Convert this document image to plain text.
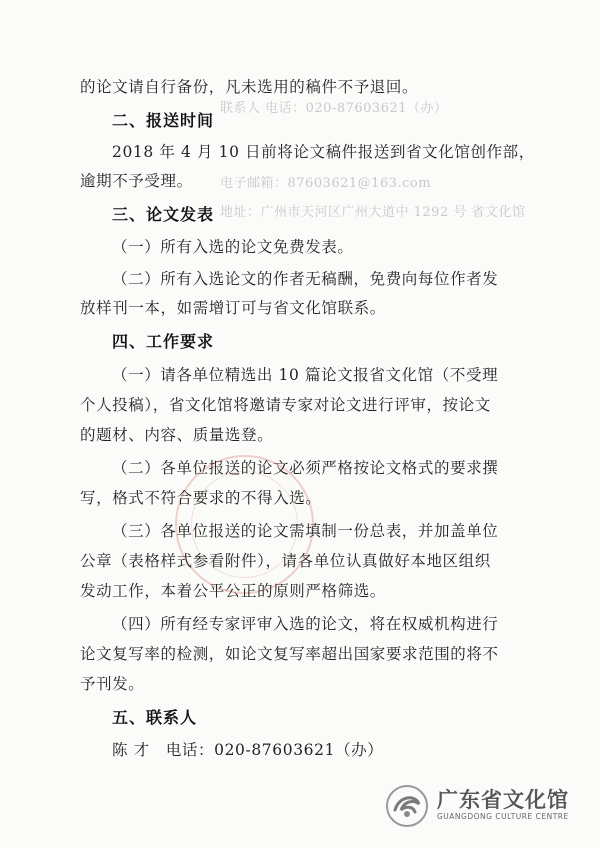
联系人 电话：020-87603621（办）
电子邮箱：87603621@163.com
地址：广州市天河区广州大道中 1292 号 省文化馆
的论文请自行备份，凡未选用的稿件不予退回。
二、报送时间
2018 年 4 月 10 日前将论文稿件报送到省文化馆创作部，
逾期不予受理。
三、论文发表
（一）所有入选的论文免费发表。
（二）所有入选论文的作者无稿酬，免费向每位作者发
放样刊一本，如需增订可与省文化馆联系。
四、工作要求
（一）请各单位精选出 10 篇论文报省文化馆（不受理
个人投稿），省文化馆将邀请专家对论文进行评审，按论文
的题材、内容、质量选登。
（二）各单位报送的论文必须严格按论文格式的要求撰
写，格式不符合要求的不得入选。
（三）各单位报送的论文需填制一份总表，并加盖单位
公章（表格样式参看附件），请各单位认真做好本地区组织
发动工作，本着公平公正的原则严格筛选。
（四）所有经专家评审入选的论文，将在权威机构进行
论文复写率的检测，如论文复写率超出国家要求范围的将不
予刊发。
五、联系人
陈 才　电话：020-87603621（办）
广东省文化馆
GUANGDONG CULTURE CENTRE
